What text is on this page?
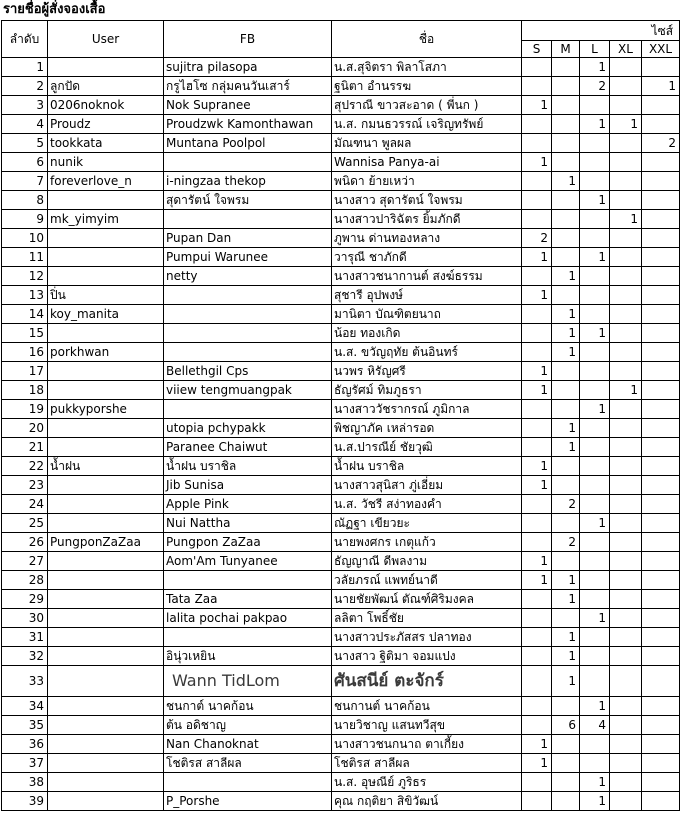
รายชื่อผู้สั่งจองเสื้อ
ลำดับ	User	FB	ชื่อ	ไซส์				
				S	M	L	XL	XXL
1		sujitra pilasopa	น.ส.สุจิตรา พิลาโสภา			1		
2	ลูกปัด	กรูไฮโซ กลุ่มคนวันเสาร์	ฐนิตา อำนรรฆ			2		1
3	0206noknok	Nok Supranee	สุปราณี ขาวสะอาด ( พี่นก )	1				
4	Proudz	Proudzwk Kamonthawan	น.ส. กมนธวรรณ์ เจริญทรัพย์			1	1	
5	tookkata	Muntana Poolpol	มัณฑนา พูลผล					2
6	nunik		Wannisa Panya-ai	1				
7	foreverlove_n	i-ningzaa thekop	พนิดา ย้ายเหว่า		1			
8		สุดารัตน์ ใจพรม	นางสาว สุดารัตน์ ใจพรม			1		
9	mk_yimyim		นางสาวปาริฉัตร ยิ้มภักดี				1	
10		Pupan Dan	ภูพาน ด่านทองหลาง	2				
11		Pumpui Warunee	วารุณี ชาภักดี	1		1		
12		netty	นางสาวชนากานต์ สงฆ์ธรรม		1			
13	ปิ่น		สุชารี อุปพงษ์	1				
14	koy_manita		มานิตา บัณฑิตยนาถ		1			
15			น้อย ทองเกิด		1	1		
16	porkhwan		น.ส. ขวัญฤทัย ต้นอินทร์		1			
17		Bellethgil Cps	นวพร หิรัญศรี	1				
18		viiew tengmuangpak	ธัญรัศม์ ทิมภูธรา	1			1	
19	pukkyporshe		นางสาววัชรากรณ์ ภูมิกาล			1		
20		utopia pchypakk	พิชญาภัค เหล่ารอด		1			
21		Paranee Chaiwut	น.ส.ปารณีย์ ชัยวุฒิ		1			
22	น้ำฝน	น้ำฝน บราชิล	น้ำฝน บราชิล	1				
23		Jib Sunisa	นางสาวสุนิสา ภู่เอี่ยม	1				
24		Apple Pink	น.ส. วัชรี สง่าทองคำ		2			
25		Nui Nattha	ณัฏฐา เขียวยะ			1		
26	PungponZaZaa	Pungpon ZaZaa	นายพงศกร เกตุแก้ว		2			
27		Aom'Am Tunyanee	ธัญญาณี ดีพลงาม	1				
28			วลัยภรณ์ แพทย์นาดี	1	1			
29		Tata Zaa	นายชัยพัฒน์ ตัณฑ์ศิริมงคล		1			
30		lalita pochai pakpao	ลลิตา โพธิ์ชัย			1		
31			นางสาวประภัสสร ปลาทอง		1			
32		อินุ่วเหยิน	นางสาว ฐิติมา จอมแปง		1			
33		Wann TidLom	ศันสนีย์ ตะจักร์		1			
34		ชนกาต์ นาคก้อน	ชนกานต์ นาคก้อน			1		
35		ต้น อดิชาญ	นายวิชาญ แสนทวีสุข		6	4		
36		Nan Chanoknat	นางสาวชนกนาถ ตาเกี้ยง	1				
37		โชติรส สาลีผล	โชติรส สาลีผล	1				
38			น.ส. อุษณีย์ ภูริธร			1		
39		P_Porshe	คุณ กฤติยา สิขิวัฒน์			1		
